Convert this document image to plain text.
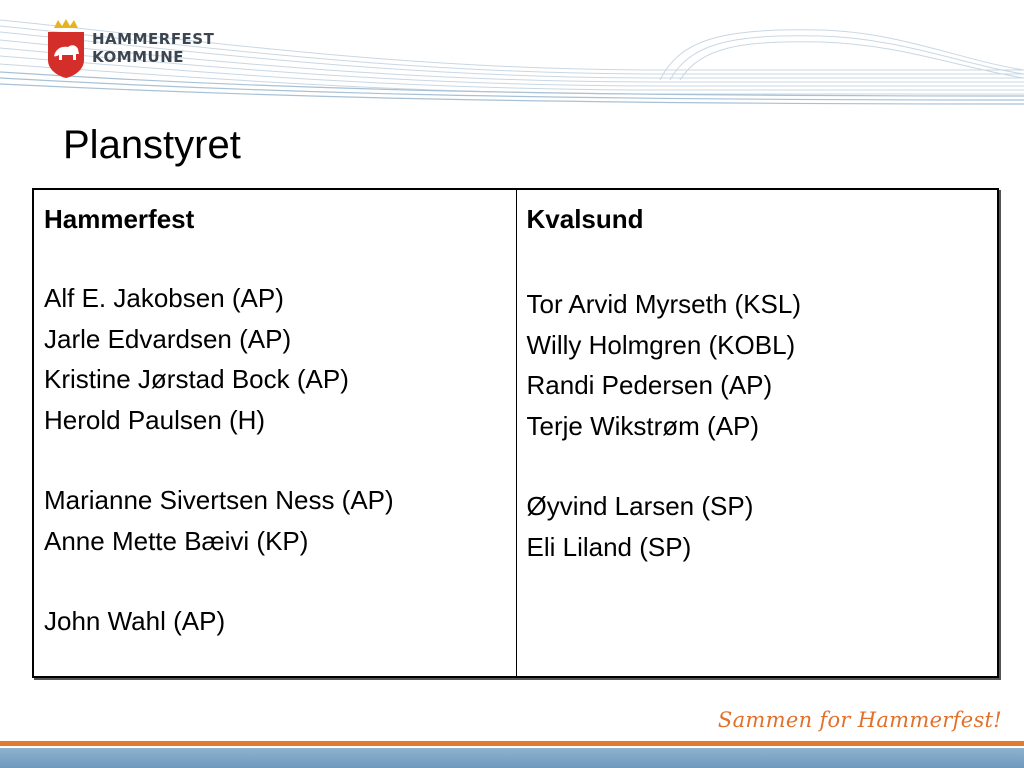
HAMMERFEST
KOMMUNE
Planstyret
Hammerfest
Alf E. Jakobsen (AP)
Jarle Edvardsen (AP)
Kristine Jørstad Bock (AP)
Herold Paulsen (H)
Marianne Sivertsen Ness (AP)
Anne Mette Bæivi (KP)
John Wahl (AP)
Kvalsund
Tor Arvid Myrseth (KSL)
Willy Holmgren (KOBL)
Randi Pedersen (AP)
Terje Wikstrøm (AP)
Øyvind Larsen (SP)
Eli Liland (SP)
Sammen for Hammerfest!
